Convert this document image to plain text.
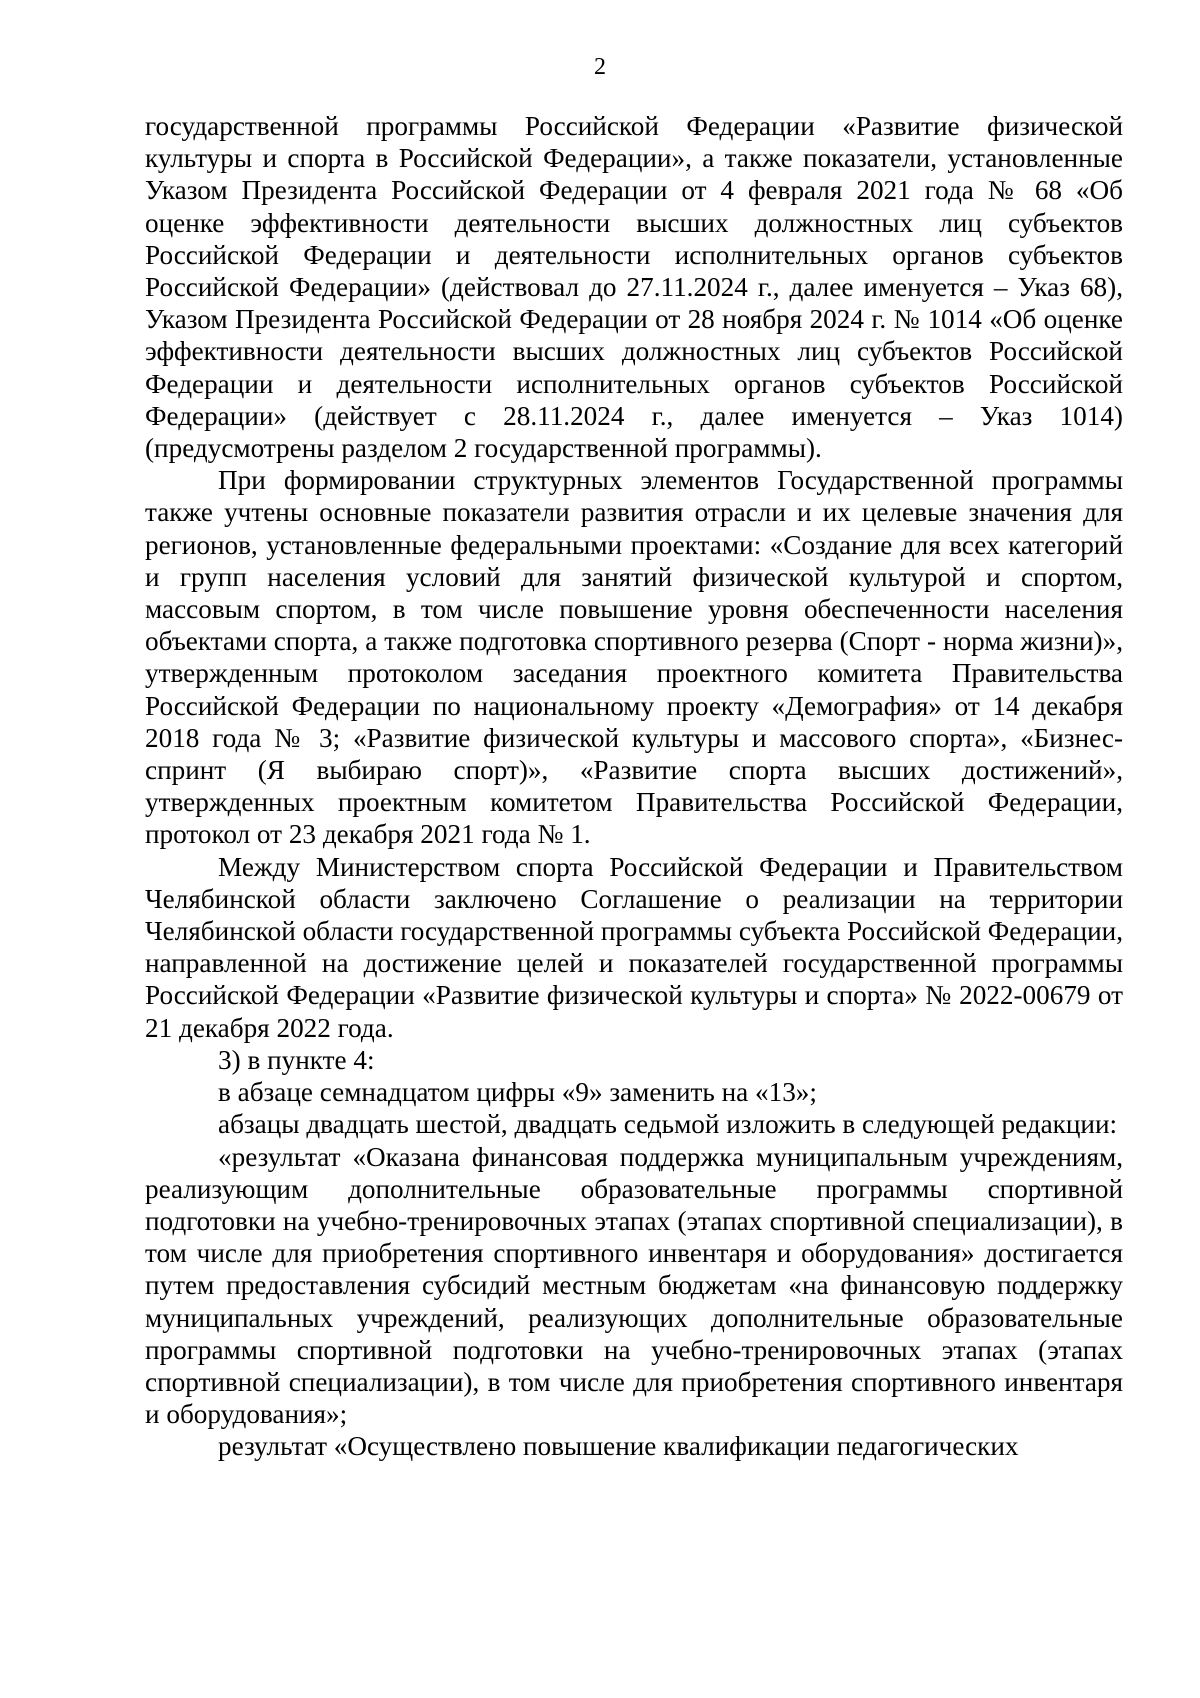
2

государственной программы Российской Федерации «Развитие физической культуры и спорта в Российской Федерации», а также показатели, установленные Указом Президента Российской Федерации от 4 февраля 2021 года № 68 «Об оценке эффективности деятельности высших должностных лиц субъектов Российской Федерации и деятельности исполнительных органов субъектов Российской Федерации» (действовал до 27.11.2024 г., далее именуется – Указ 68), Указом Президента Российской Федерации от 28 ноября 2024 г. № 1014 «Об оценке эффективности деятельности высших должностных лиц субъектов Российской Федерации и деятельности исполнительных органов субъектов Российской Федерации» (действует с 28.11.2024 г., далее именуется – Указ 1014) (предусмотрены разделом 2 государственной программы).

При формировании структурных элементов Государственной программы также учтены основные показатели развития отрасли и их целевые значения для регионов, установленные федеральными проектами: «Создание для всех категорий и групп населения условий для занятий физической культурой и спортом, массовым спортом, в том числе повышение уровня обеспеченности населения объектами спорта, а также подготовка спортивного резерва (Спорт - норма жизни)», утвержденным протоколом заседания проектного комитета Правительства Российской Федерации по национальному проекту «Демография» от 14 декабря 2018 года № 3; «Развитие физической культуры и массового спорта», «Бизнес-спринт (Я выбираю спорт)», «Развитие спорта высших достижений», утвержденных проектным комитетом Правительства Российской Федерации, протокол от 23 декабря 2021 года № 1.

Между Министерством спорта Российской Федерации и Правительством Челябинской области заключено Соглашение о реализации на территории Челябинской области государственной программы субъекта Российской Федерации, направленной на достижение целей и показателей государственной программы Российской Федерации «Развитие физической культуры и спорта» № 2022-00679 от 21 декабря 2022 года.

3) в пункте 4:

в абзаце семнадцатом цифры «9» заменить на «13»;

абзацы двадцать шестой, двадцать седьмой изложить в следующей редакции:

«результат «Оказана финансовая поддержка муниципальным учреждениям, реализующим дополнительные образовательные программы спортивной подготовки на учебно-тренировочных этапах (этапах спортивной специализации), в том числе для приобретения спортивного инвентаря и оборудования» достигается путем предоставления субсидий местным бюджетам «на финансовую поддержку муниципальных учреждений, реализующих дополнительные образовательные программы спортивной подготовки на учебно-тренировочных этапах (этапах спортивной специализации), в том числе для приобретения спортивного инвентаря и оборудования»;

результат «Осуществлено повышение квалификации педагогических
